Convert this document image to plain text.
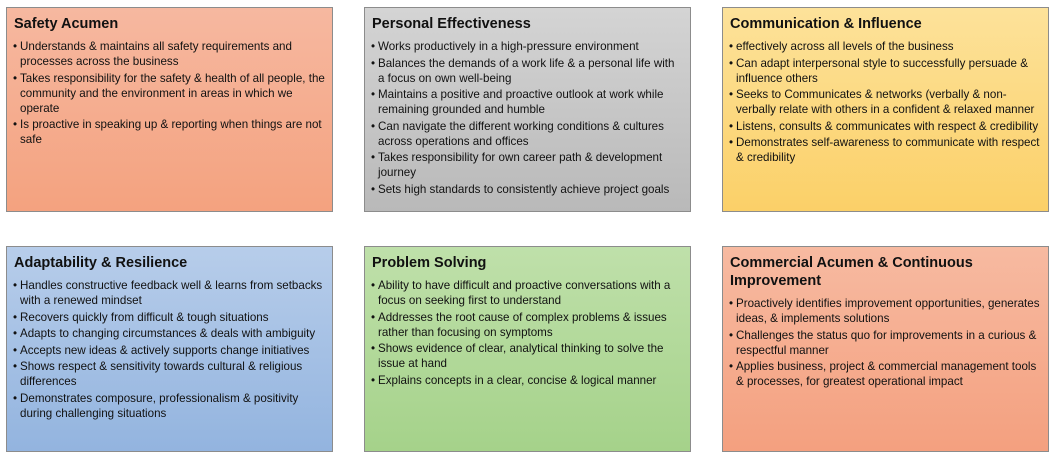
Safety Acumen
• Understands & maintains all safety requirements and processes across the business
• Takes responsibility for the safety & health of all people, the community and the environment in areas in which we operate
• Is proactive in speaking up & reporting when things are not safe
Personal Effectiveness
• Works productively in a high-pressure environment
• Balances the demands of a work life & a personal life with a focus on own well-being
• Maintains a positive and proactive outlook at work while remaining grounded and humble
• Can navigate the different working conditions & cultures across operations and offices
• Takes responsibility for own career path & development journey
• Sets high standards to consistently achieve project goals
Communication & Influence
• effectively across all levels of the business
• Can adapt interpersonal style to successfully persuade & influence others
• Seeks to Communicates & networks (verbally & non-verbally relate with others in a confident & relaxed manner
• Listens, consults & communicates with respect & credibility
• Demonstrates self-awareness to communicate with respect & credibility
Adaptability & Resilience
• Handles constructive feedback well & learns from setbacks with a renewed mindset
• Recovers quickly from difficult & tough situations
• Adapts to changing circumstances & deals with ambiguity
• Accepts new ideas & actively supports change initiatives
• Shows respect & sensitivity towards cultural & religious differences
• Demonstrates composure, professionalism & positivity during challenging situations
Problem Solving
• Ability to have difficult and proactive conversations with a focus on seeking first to understand
• Addresses the root cause of complex problems & issues rather than focusing on symptoms
• Shows evidence of clear, analytical thinking to solve the issue at hand
• Explains concepts in a clear, concise & logical manner
Commercial Acumen & Continuous Improvement
• Proactively identifies improvement opportunities, generates ideas, & implements solutions
• Challenges the status quo for improvements in a curious & respectful manner
• Applies business, project & commercial management tools & processes, for greatest operational impact
